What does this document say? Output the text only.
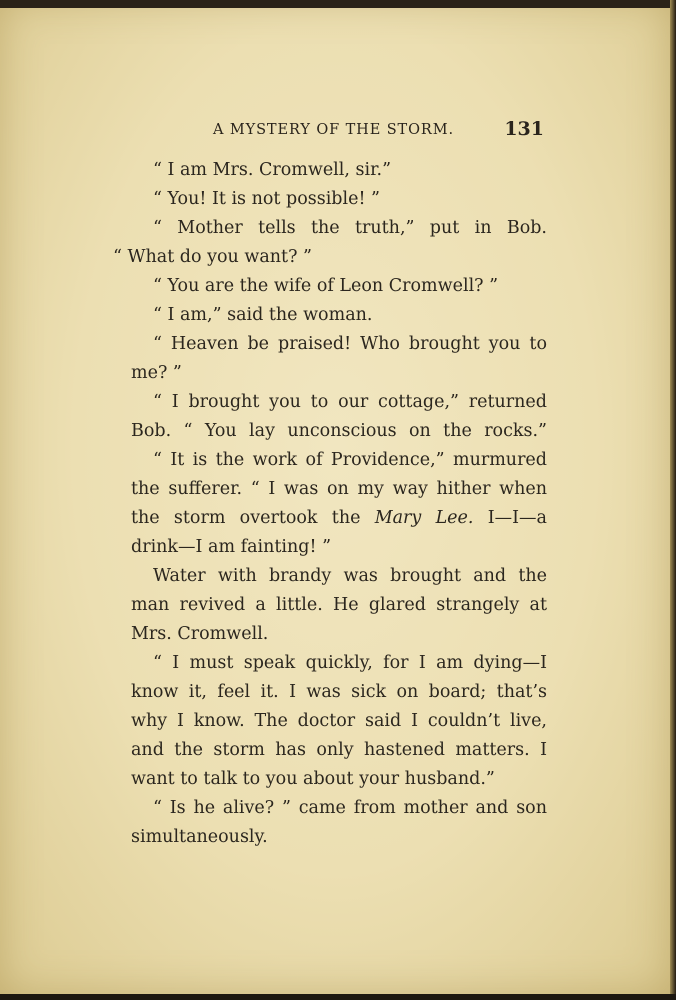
A MYSTERY OF THE STORM.	131
“ I am Mrs. Cromwell, sir.”
“ You! It is not possible! ”
“ Mother tells the truth,” put in Bob.
“ What do you want? ”
“ You are the wife of Leon Cromwell? ”
“ I am,” said the woman.
“ Heaven be praised! Who brought you to
me? ”
“ I brought you to our cottage,” returned
Bob. “ You lay unconscious on the rocks.”
“ It is the work of Providence,” murmured
the sufferer. “ I was on my way hither when
the storm overtook the Mary Lee. I—I—a
drink—I am fainting! ”
Water with brandy was brought and the
man revived a little. He glared strangely at
Mrs. Cromwell.
“ I must speak quickly, for I am dying—I
know it, feel it. I was sick on board; that’s
why I know. The doctor said I couldn’t live,
and the storm has only hastened matters. I
want to talk to you about your husband.”
“ Is he alive? ” came from mother and son
simultaneously.
